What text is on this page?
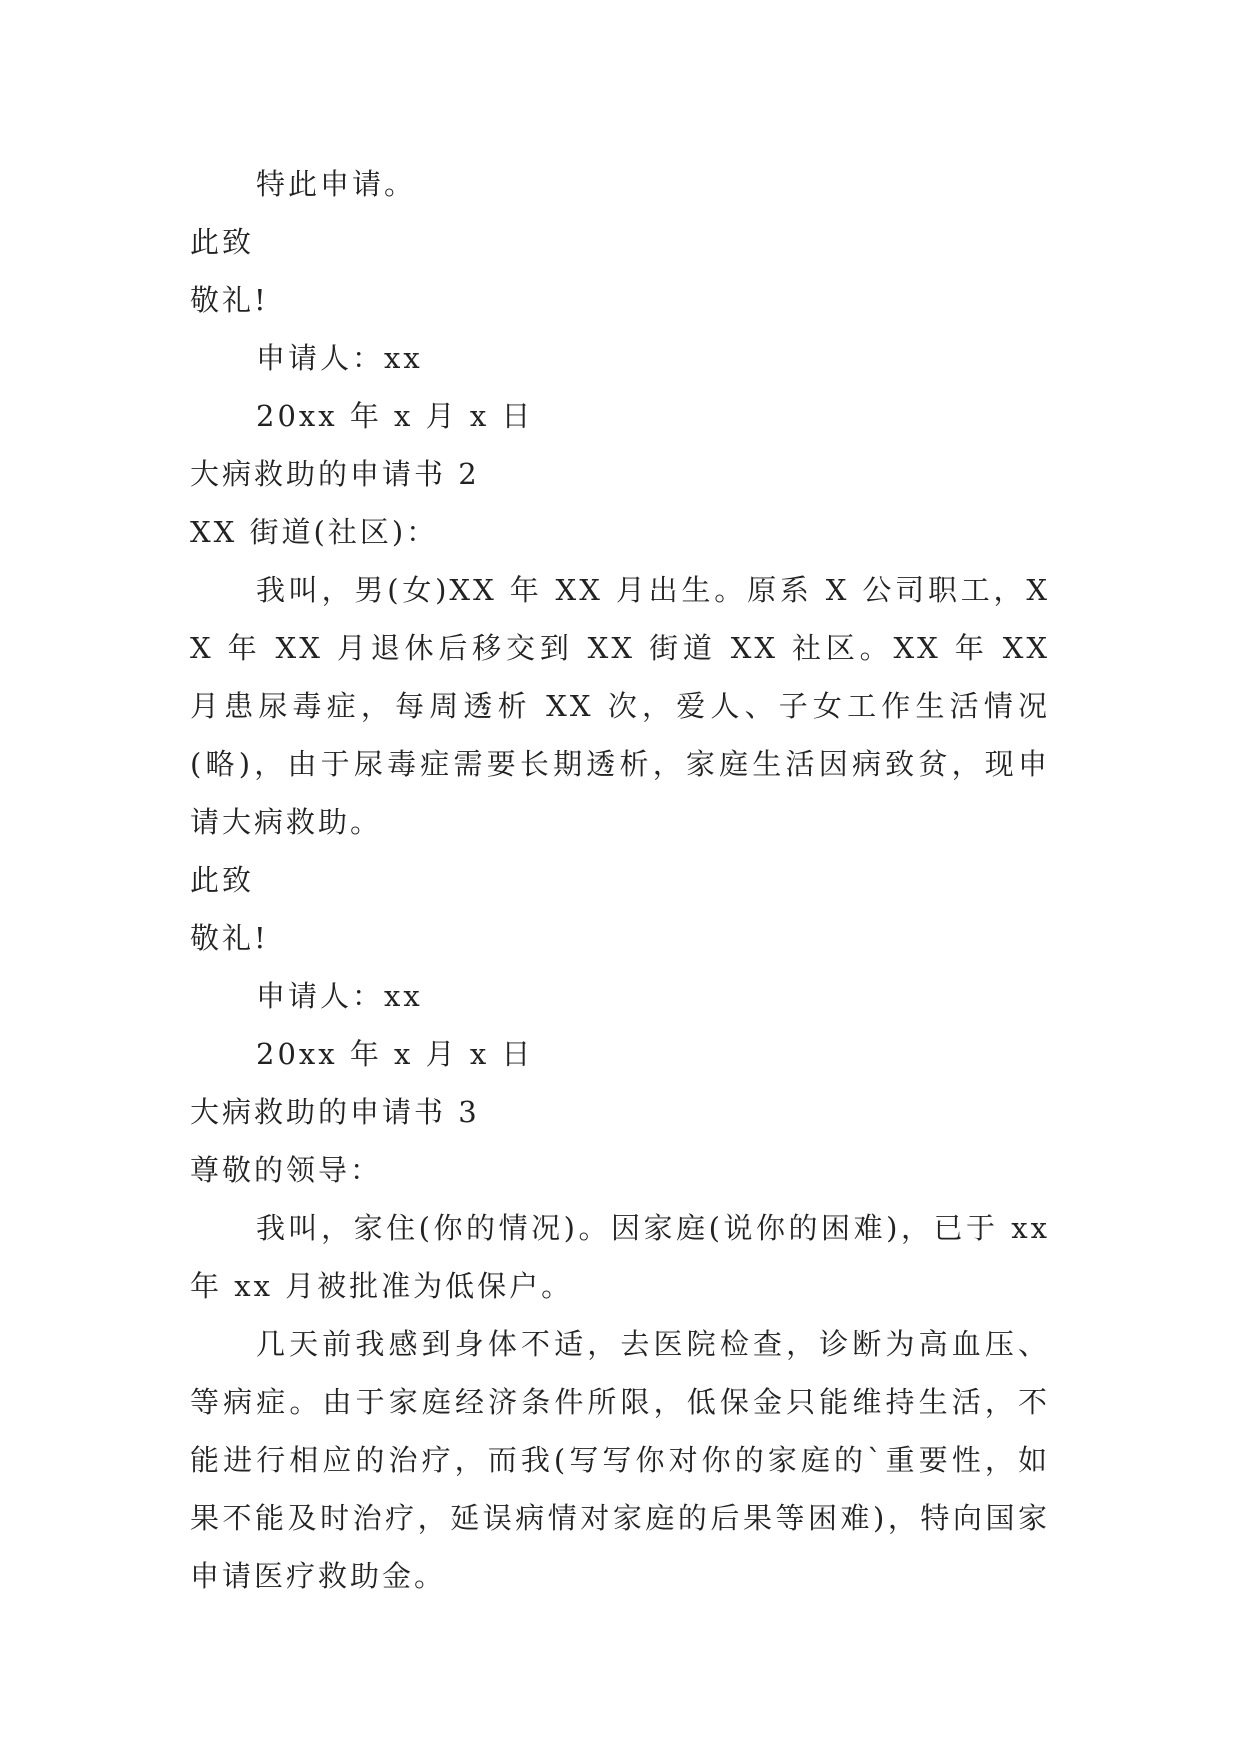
特此申请。
此致
敬礼!
申请人：xx
20xx 年 x 月 x 日
大病救助的申请书 2
XX 街道(社区)：
我叫，男(女)XX 年 XX 月出生。原系 X 公司职工，XX 年 XX 月退休后移交到 XX 街道 XX 社区。XX 年 XX 月患尿毒症，每周透析 XX 次，爱人、子女工作生活情况(略)，由于尿毒症需要长期透析，家庭生活因病致贫，现申请大病救助。
此致
敬礼!
申请人：xx
20xx 年 x 月 x 日
大病救助的申请书 3
尊敬的领导：
我叫，家住(你的情况)。因家庭(说你的困难)，已于 xx 年 xx 月被批准为低保户。
几天前我感到身体不适，去医院检查，诊断为高血压、等病症。由于家庭经济条件所限，低保金只能维持生活，不能进行相应的治疗，而我(写写你对你的家庭的`重要性，如果不能及时治疗，延误病情对家庭的后果等困难)，特向国家申请医疗救助金。
